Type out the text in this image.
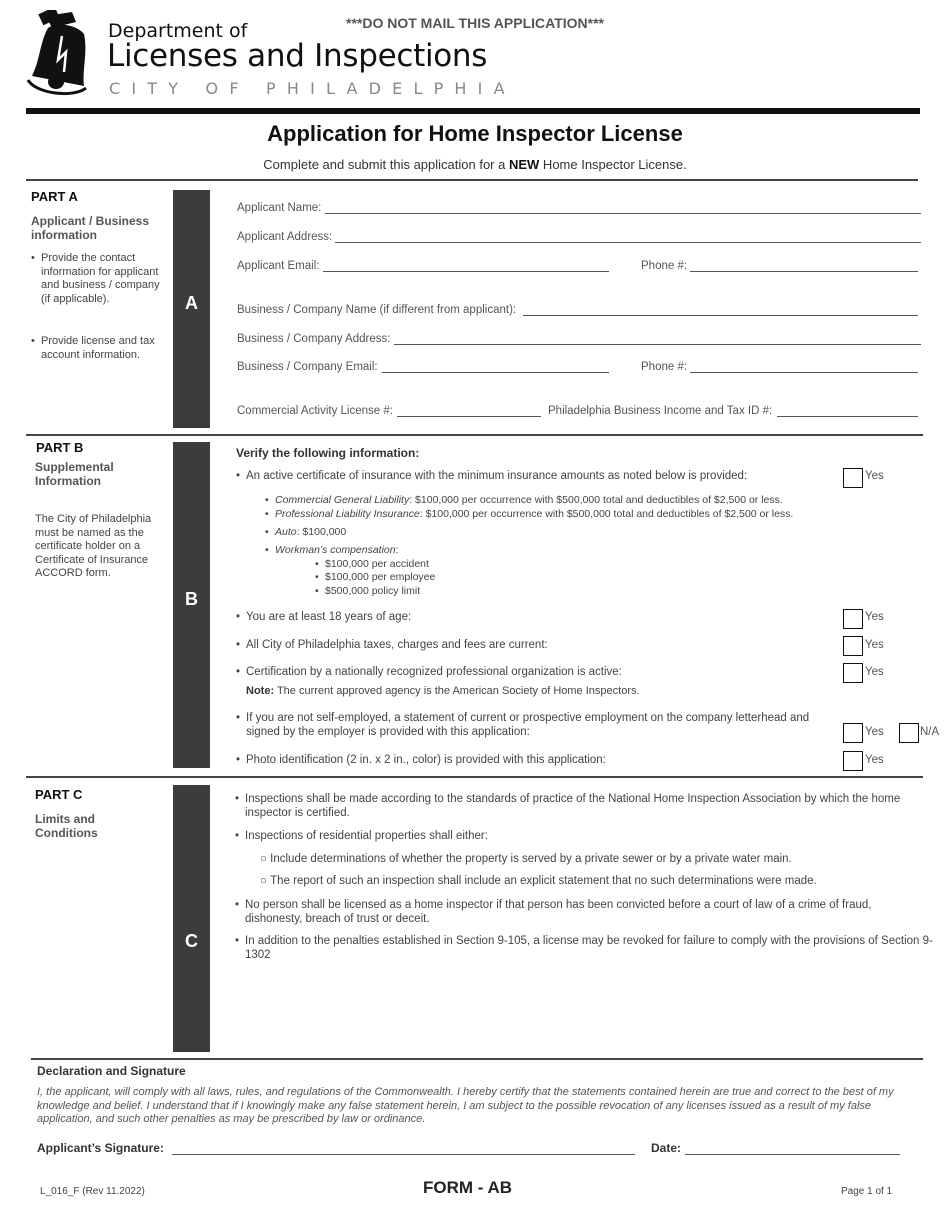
Department of
Licenses and Inspections
CITY OF PHILADELPHIA
***DO NOT MAIL THIS APPLICATION***
Application for Home Inspector License
Complete and submit this application for a NEW Home Inspector License.
PART A
Applicant / Business information
• Provide the contact information for applicant and business / company (if applicable).
• Provide license and tax account information.
A
Applicant Name:
Applicant Address:
Applicant Email:	Phone #:
Business / Company Name (if different from applicant):
Business / Company Address:
Business / Company Email:	Phone #:
Commercial Activity License #:	Philadelphia Business Income and Tax ID #:
PART B
Supplemental Information
The City of Philadelphia must be named as the certificate holder on a Certificate of Insurance ACCORD form.
B
Verify the following information:
• An active certificate of insurance with the minimum insurance amounts as noted below is provided:	Yes
• Commercial General Liability: $100,000 per occurrence with $500,000 total and deductibles of $2,500 or less.
• Professional Liability Insurance: $100,000 per occurrence with $500,000 total and deductibles of $2,500 or less.
• Auto: $100,000
• Workman’s compensation:
• $100,000 per accident
• $100,000 per employee
• $500,000 policy limit
• You are at least 18 years of age:	Yes
• All City of Philadelphia taxes, charges and fees are current:	Yes
• Certification by a nationally recognized professional organization is active:	Yes
Note: The current approved agency is the American Society of Home Inspectors.
• If you are not self-employed, a statement of current or prospective employment on the company letterhead and signed by the employer is provided with this application:	Yes	N/A
• Photo identification (2 in. x 2 in., color) is provided with this application:	Yes
PART C
Limits and Conditions
C
• Inspections shall be made according to the standards of practice of the National Home Inspection Association by which the home inspector is certified.
• Inspections of residential properties shall either:
○ Include determinations of whether the property is served by a private sewer or by a private water main.
○ The report of such an inspection shall include an explicit statement that no such determinations were made.
• No person shall be licensed as a home inspector if that person has been convicted before a court of law of a crime of fraud, dishonesty, breach of trust or deceit.
• In addition to the penalties established in Section 9-105, a license may be revoked for failure to comply with the provisions of Section 9-1302
Declaration and Signature
I, the applicant, will comply with all laws, rules, and regulations of the Commonwealth. I hereby certify that the statements contained herein are true and correct to the best of my knowledge and belief. I understand that if I knowingly make any false statement herein, I am subject to the possible revocation of any licenses issued as a result of my false application, and such other penalties as may be prescribed by law or ordinance.
Applicant’s Signature:	Date:
L_016_F (Rev 11.2022)	FORM - AB	Page 1 of 1
